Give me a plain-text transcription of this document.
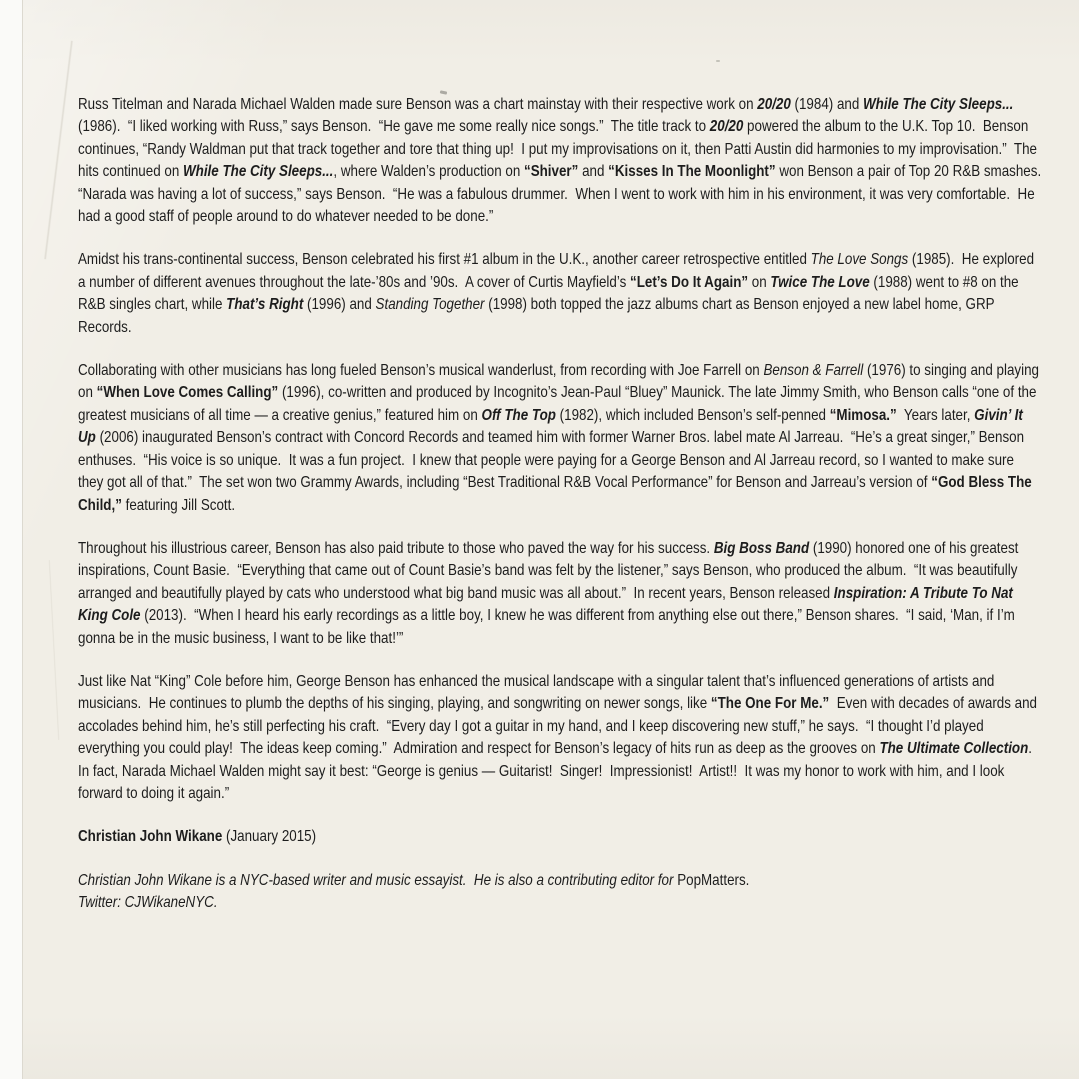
Russ Titelman and Narada Michael Walden made sure Benson was a chart mainstay with their respective work on 20/20 (1984) and While The City Sleeps... (1986).  “I liked working with Russ,” says Benson.  “He gave me some really nice songs.”  The title track to 20/20 powered the album to the U.K. Top 10.  Benson continues, “Randy Waldman put that track together and tore that thing up!  I put my improvisations on it, then Patti Austin did harmonies to my improvisation.”  The hits continued on While The City Sleeps..., where Walden’s production on “Shiver” and “Kisses In The Moonlight” won Benson a pair of Top 20 R&B smashes.  “Narada was having a lot of success,” says Benson.  “He was a fabulous drummer.  When I went to work with him in his environment, it was very comfortable.  He had a good staff of people around to do whatever needed to be done.”

Amidst his trans-continental success, Benson celebrated his first #1 album in the U.K., another career retrospective entitled The Love Songs (1985).  He explored a number of different avenues throughout the late-’80s and ’90s.  A cover of Curtis Mayfield’s “Let’s Do It Again” on Twice The Love (1988) went to #8 on the R&B singles chart, while That’s Right (1996) and Standing Together (1998) both topped the jazz albums chart as Benson enjoyed a new label home, GRP Records.

Collaborating with other musicians has long fueled Benson’s musical wanderlust, from recording with Joe Farrell on Benson & Farrell (1976) to singing and playing on “When Love Comes Calling” (1996), co-written and produced by Incognito’s Jean-Paul “Bluey” Maunick. The late Jimmy Smith, who Benson calls “one of the greatest musicians of all time — a creative genius,” featured him on Off The Top (1982), which included Benson’s self-penned “Mimosa.”  Years later, Givin’ It Up (2006) inaugurated Benson’s contract with Concord Records and teamed him with former Warner Bros. label mate Al Jarreau.  “He’s a great singer,” Benson enthuses.  “His voice is so unique.  It was a fun project.  I knew that people were paying for a George Benson and Al Jarreau record, so I wanted to make sure they got all of that.”  The set won two Grammy Awards, including “Best Traditional R&B Vocal Performance” for Benson and Jarreau’s version of “God Bless The Child,” featuring Jill Scott.

Throughout his illustrious career, Benson has also paid tribute to those who paved the way for his success. Big Boss Band (1990) honored one of his greatest inspirations, Count Basie.  “Everything that came out of Count Basie’s band was felt by the listener,” says Benson, who produced the album.  “It was beautifully arranged and beautifully played by cats who understood what big band music was all about.”  In recent years, Benson released Inspiration: A Tribute To Nat King Cole (2013).  “When I heard his early recordings as a little boy, I knew he was different from anything else out there,” Benson shares.  “I said, ‘Man, if I’m gonna be in the music business, I want to be like that!’”

Just like Nat “King” Cole before him, George Benson has enhanced the musical landscape with a singular talent that’s influenced generations of artists and musicians.  He continues to plumb the depths of his singing, playing, and songwriting on newer songs, like “The One For Me.”  Even with decades of awards and accolades behind him, he’s still perfecting his craft.  “Every day I got a guitar in my hand, and I keep discovering new stuff,” he says.  “I thought I’d played everything you could play!  The ideas keep coming.”  Admiration and respect for Benson’s legacy of hits run as deep as the grooves on The Ultimate Collection.  In fact, Narada Michael Walden might say it best: “George is genius — Guitarist!  Singer!  Impressionist!  Artist!!  It was my honor to work with him, and I look forward to doing it again.”

Christian John Wikane (January 2015)

Christian John Wikane is a NYC-based writer and music essayist.  He is also a contributing editor for PopMatters.

Twitter: CJWikaneNYC.
